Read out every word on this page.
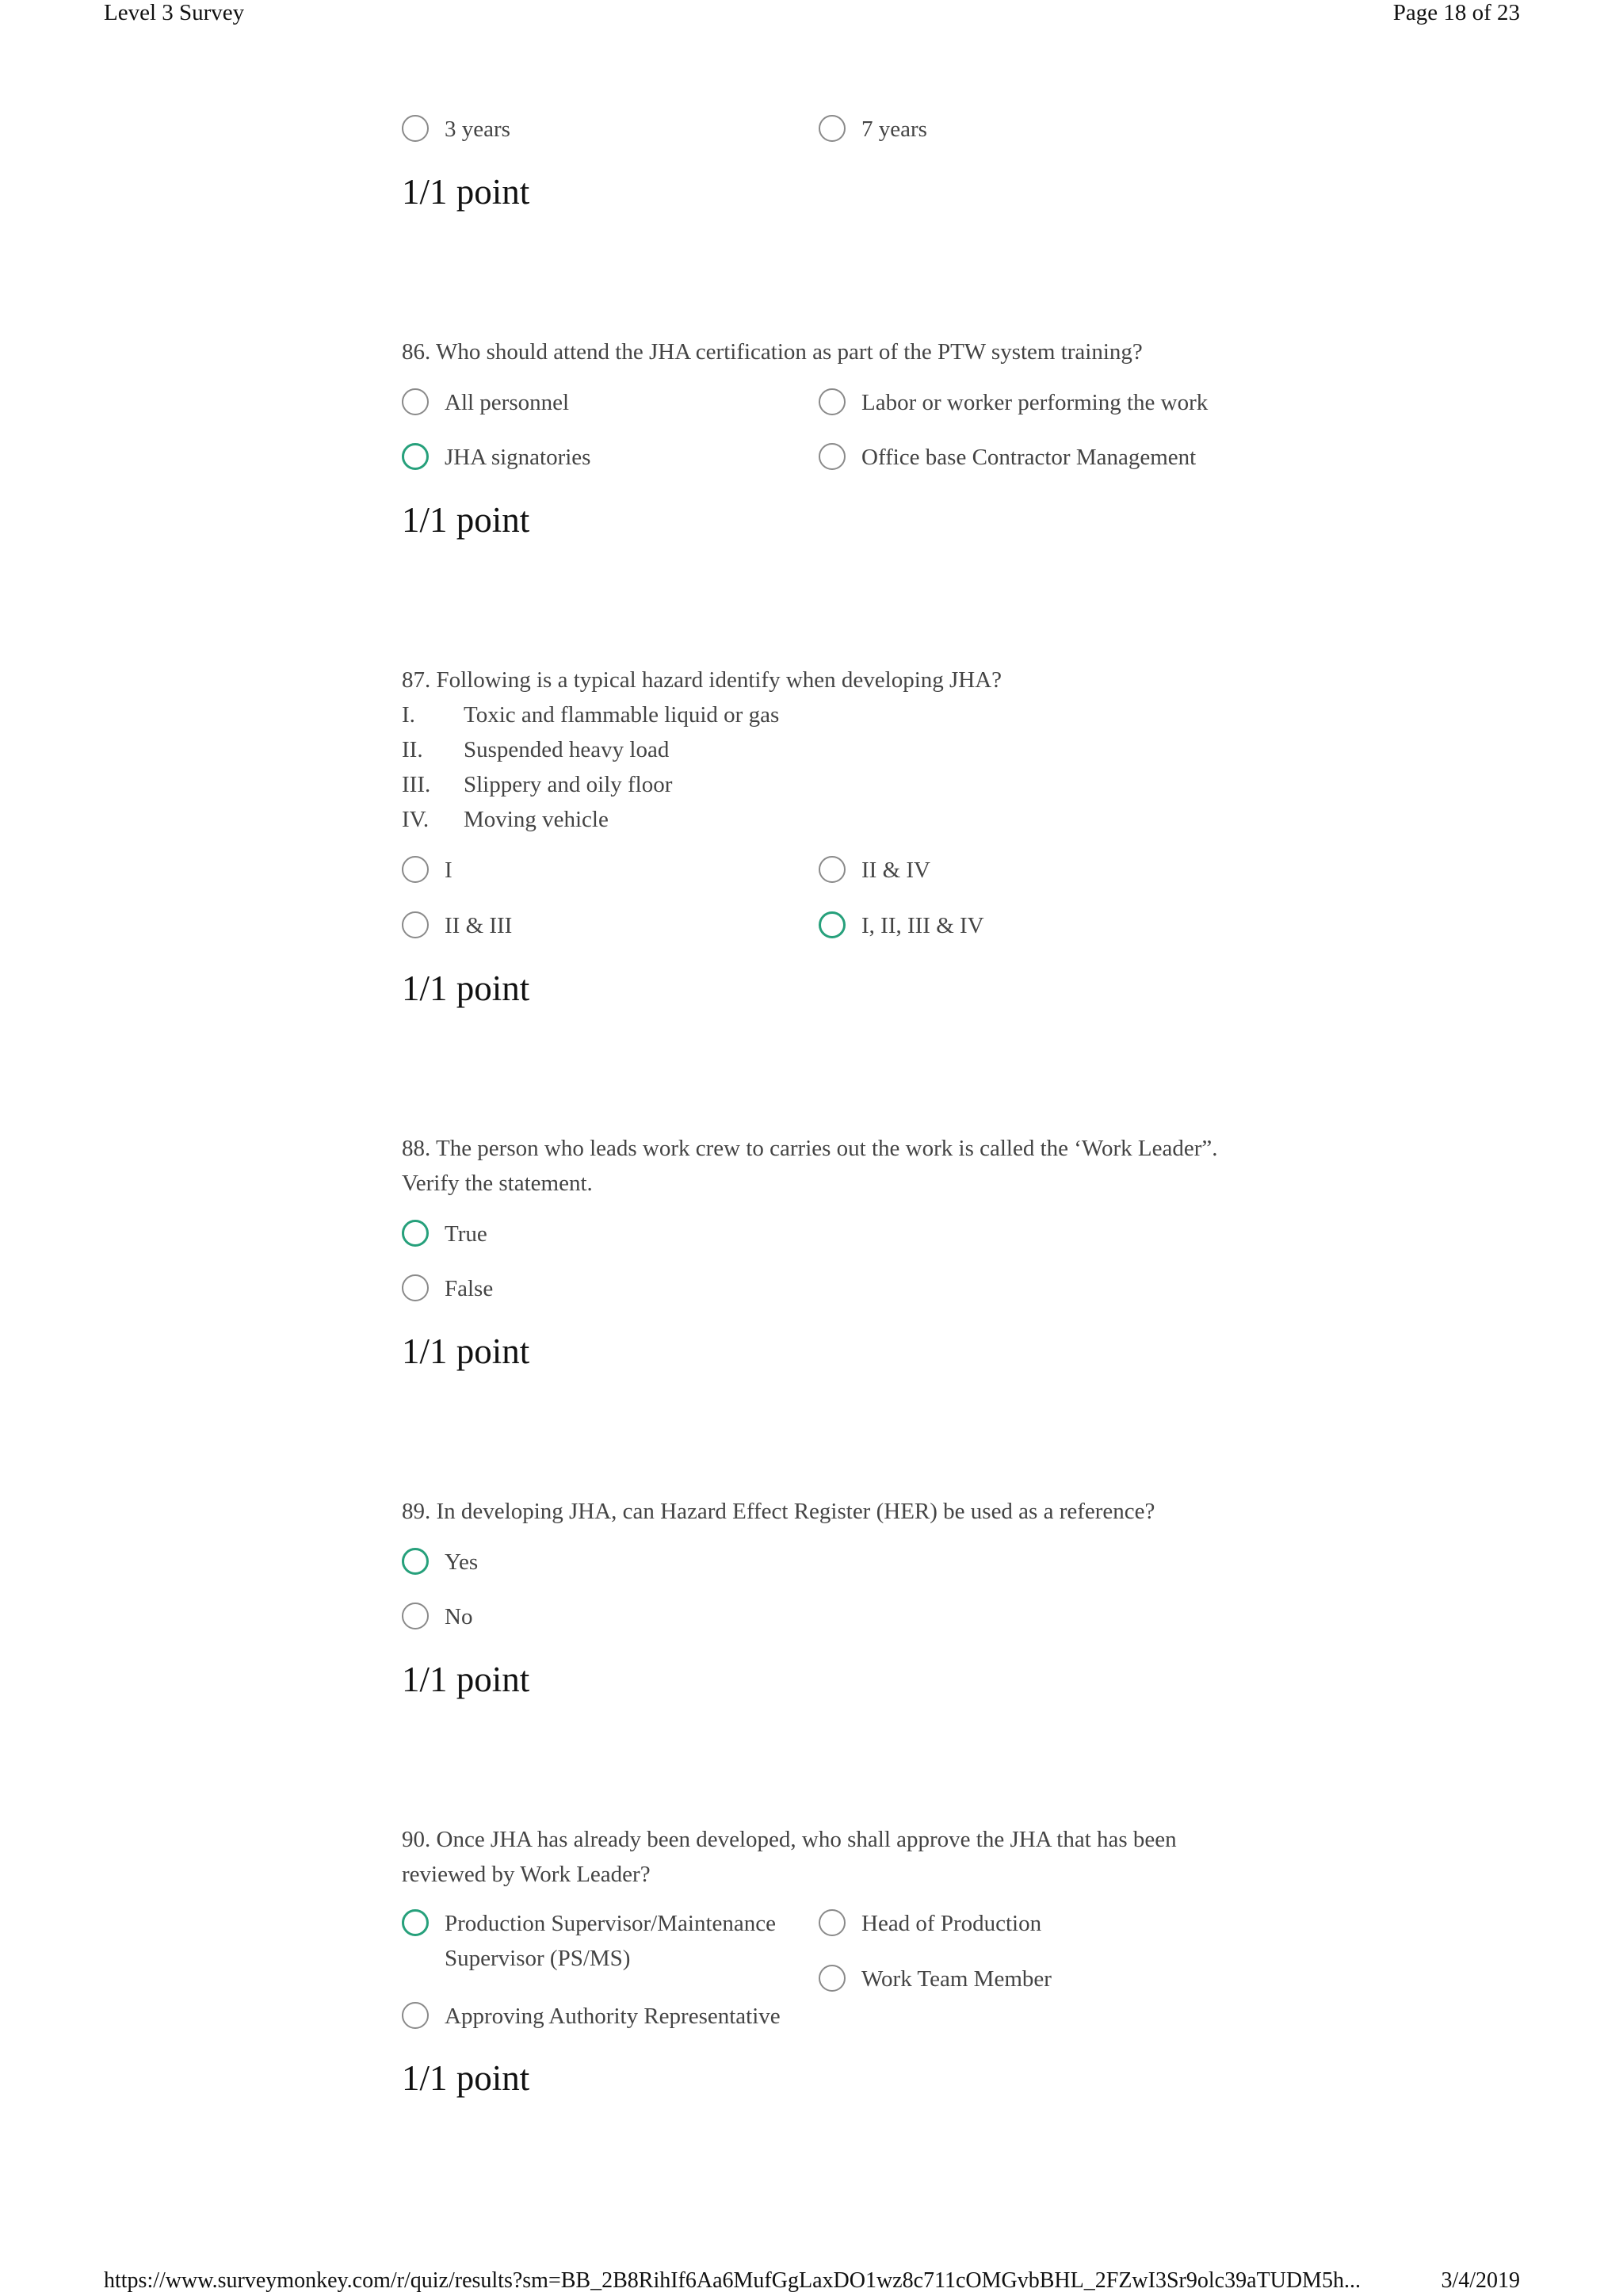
Level 3 Survey	Page 18 of 23
3 years	7 years
1/1 point
86. Who should attend the JHA certification as part of the PTW system training?
All personnel	Labor or worker performing the work
JHA signatories	Office base Contractor Management
1/1 point
87. Following is a typical hazard identify when developing JHA?
I. Toxic and flammable liquid or gas
II. Suspended heavy load
III. Slippery and oily floor
IV. Moving vehicle
I	II & IV
II & III	I, II, III & IV
1/1 point
88. The person who leads work crew to carries out the work is called the ‘Work Leader”.
Verify the statement.
True
False
1/1 point
89. In developing JHA, can Hazard Effect Register (HER) be used as a reference?
Yes
No
1/1 point
90. Once JHA has already been developed, who shall approve the JHA that has been
reviewed by Work Leader?
Production Supervisor/Maintenance
Supervisor (PS/MS)
Head of Production
Work Team Member
Approving Authority Representative
1/1 point
https://www.surveymonkey.com/r/quiz/results?sm=BB_2B8RihIf6Aa6MufGgLaxDO1wz8c711cOMGvbBHL_2FZwI3Sr9olc39aTUDM5h...	3/4/2019
